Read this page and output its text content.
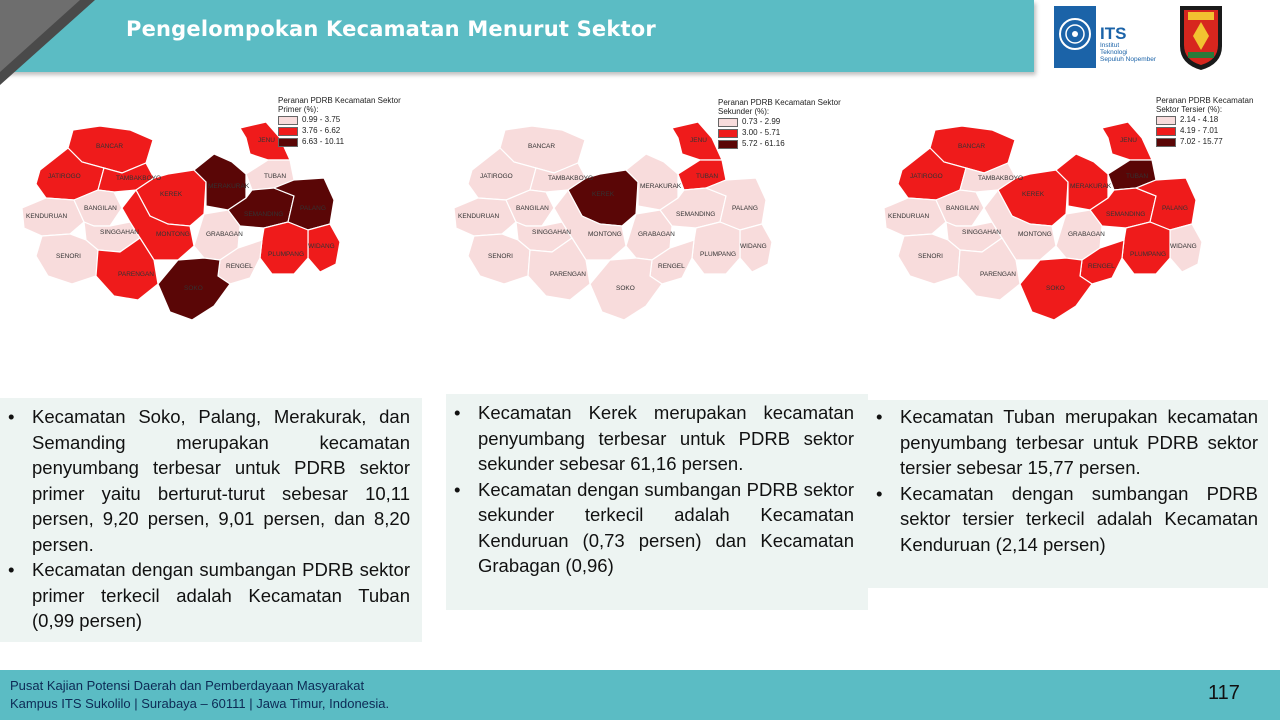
Pengelompokan Kecamatan Menurut Sektor	ITS
Institut
Teknologi
Sepuluh Nopember
BANCAR
JENU
JATIROGO	TAMBAKBOYO
KEREK
MERAKURAK
TUBAN
KENDURUAN
BANGILAN
SINGGAHAN	MONTONG
SEMANDING
PALANG
GRABAGAN
SENORI
WIDANG
PLUMPANG
PARENGAN
RENGEL
SOKO
Peranan PDRB Kecamatan Sektor Primer (%):
0.99 - 3.75
3.76 - 6.62
6.63 - 10.11
BANCAR
JENU
JATIROGO	TAMBAKBOYO
KEREK
MERAKURAK
TUBAN
KENDURUAN
BANGILAN
SINGGAHAN	MONTONG
SEMANDING
PALANG
GRABAGAN
SENORI
WIDANG
PLUMPANG
PARENGAN
RENGEL
SOKO
Peranan PDRB Kecamatan Sektor Sekunder (%):
0.73 - 2.99
3.00 - 5.71
5.72 - 61.16	BANCAR
JENU
JATIROGO	TAMBAKBOYO
KEREK
MERAKURAK
TUBAN
KENDURUAN
BANGILAN
SINGGAHAN	MONTONG
SEMANDING
PALANG
GRABAGAN
SENORI
WIDANG
PLUMPANG
PARENGAN
RENGEL
SOKO
Peranan PDRB Kecamatan Sektor Tersier (%):
2.14 - 4.18
4.19 - 7.01
7.02 - 15.77
• Kecamatan Soko, Palang, Merakurak, dan Semanding merupakan kecamatan penyumbang terbesar untuk PDRB sektor primer yaitu berturut-turut sebesar 10,11 persen, 9,20 persen, 9,01 persen, dan 8,20 persen.
• Kecamatan dengan sumbangan PDRB sektor primer terkecil adalah Kecamatan Tuban (0,99 persen)
• Kecamatan Kerek merupakan kecamatan penyumbang terbesar untuk PDRB sektor sekunder sebesar 61,16 persen.
• Kecamatan dengan sumbangan PDRB sektor sekunder terkecil adalah Kecamatan Kenduruan (0,73 persen) dan Kecamatan Grabagan (0,96)
• Kecamatan Tuban merupakan kecamatan penyumbang terbesar untuk PDRB sektor tersier sebesar 15,77 persen.
• Kecamatan dengan sumbangan PDRB sektor tersier terkecil adalah Kecamatan Kenduruan (2,14 persen)
Pusat Kajian Potensi Daerah dan Pemberdayaan Masyarakat
Kampus ITS Sukolilo | Surabaya – 60111 | Jawa Timur, Indonesia.	117
